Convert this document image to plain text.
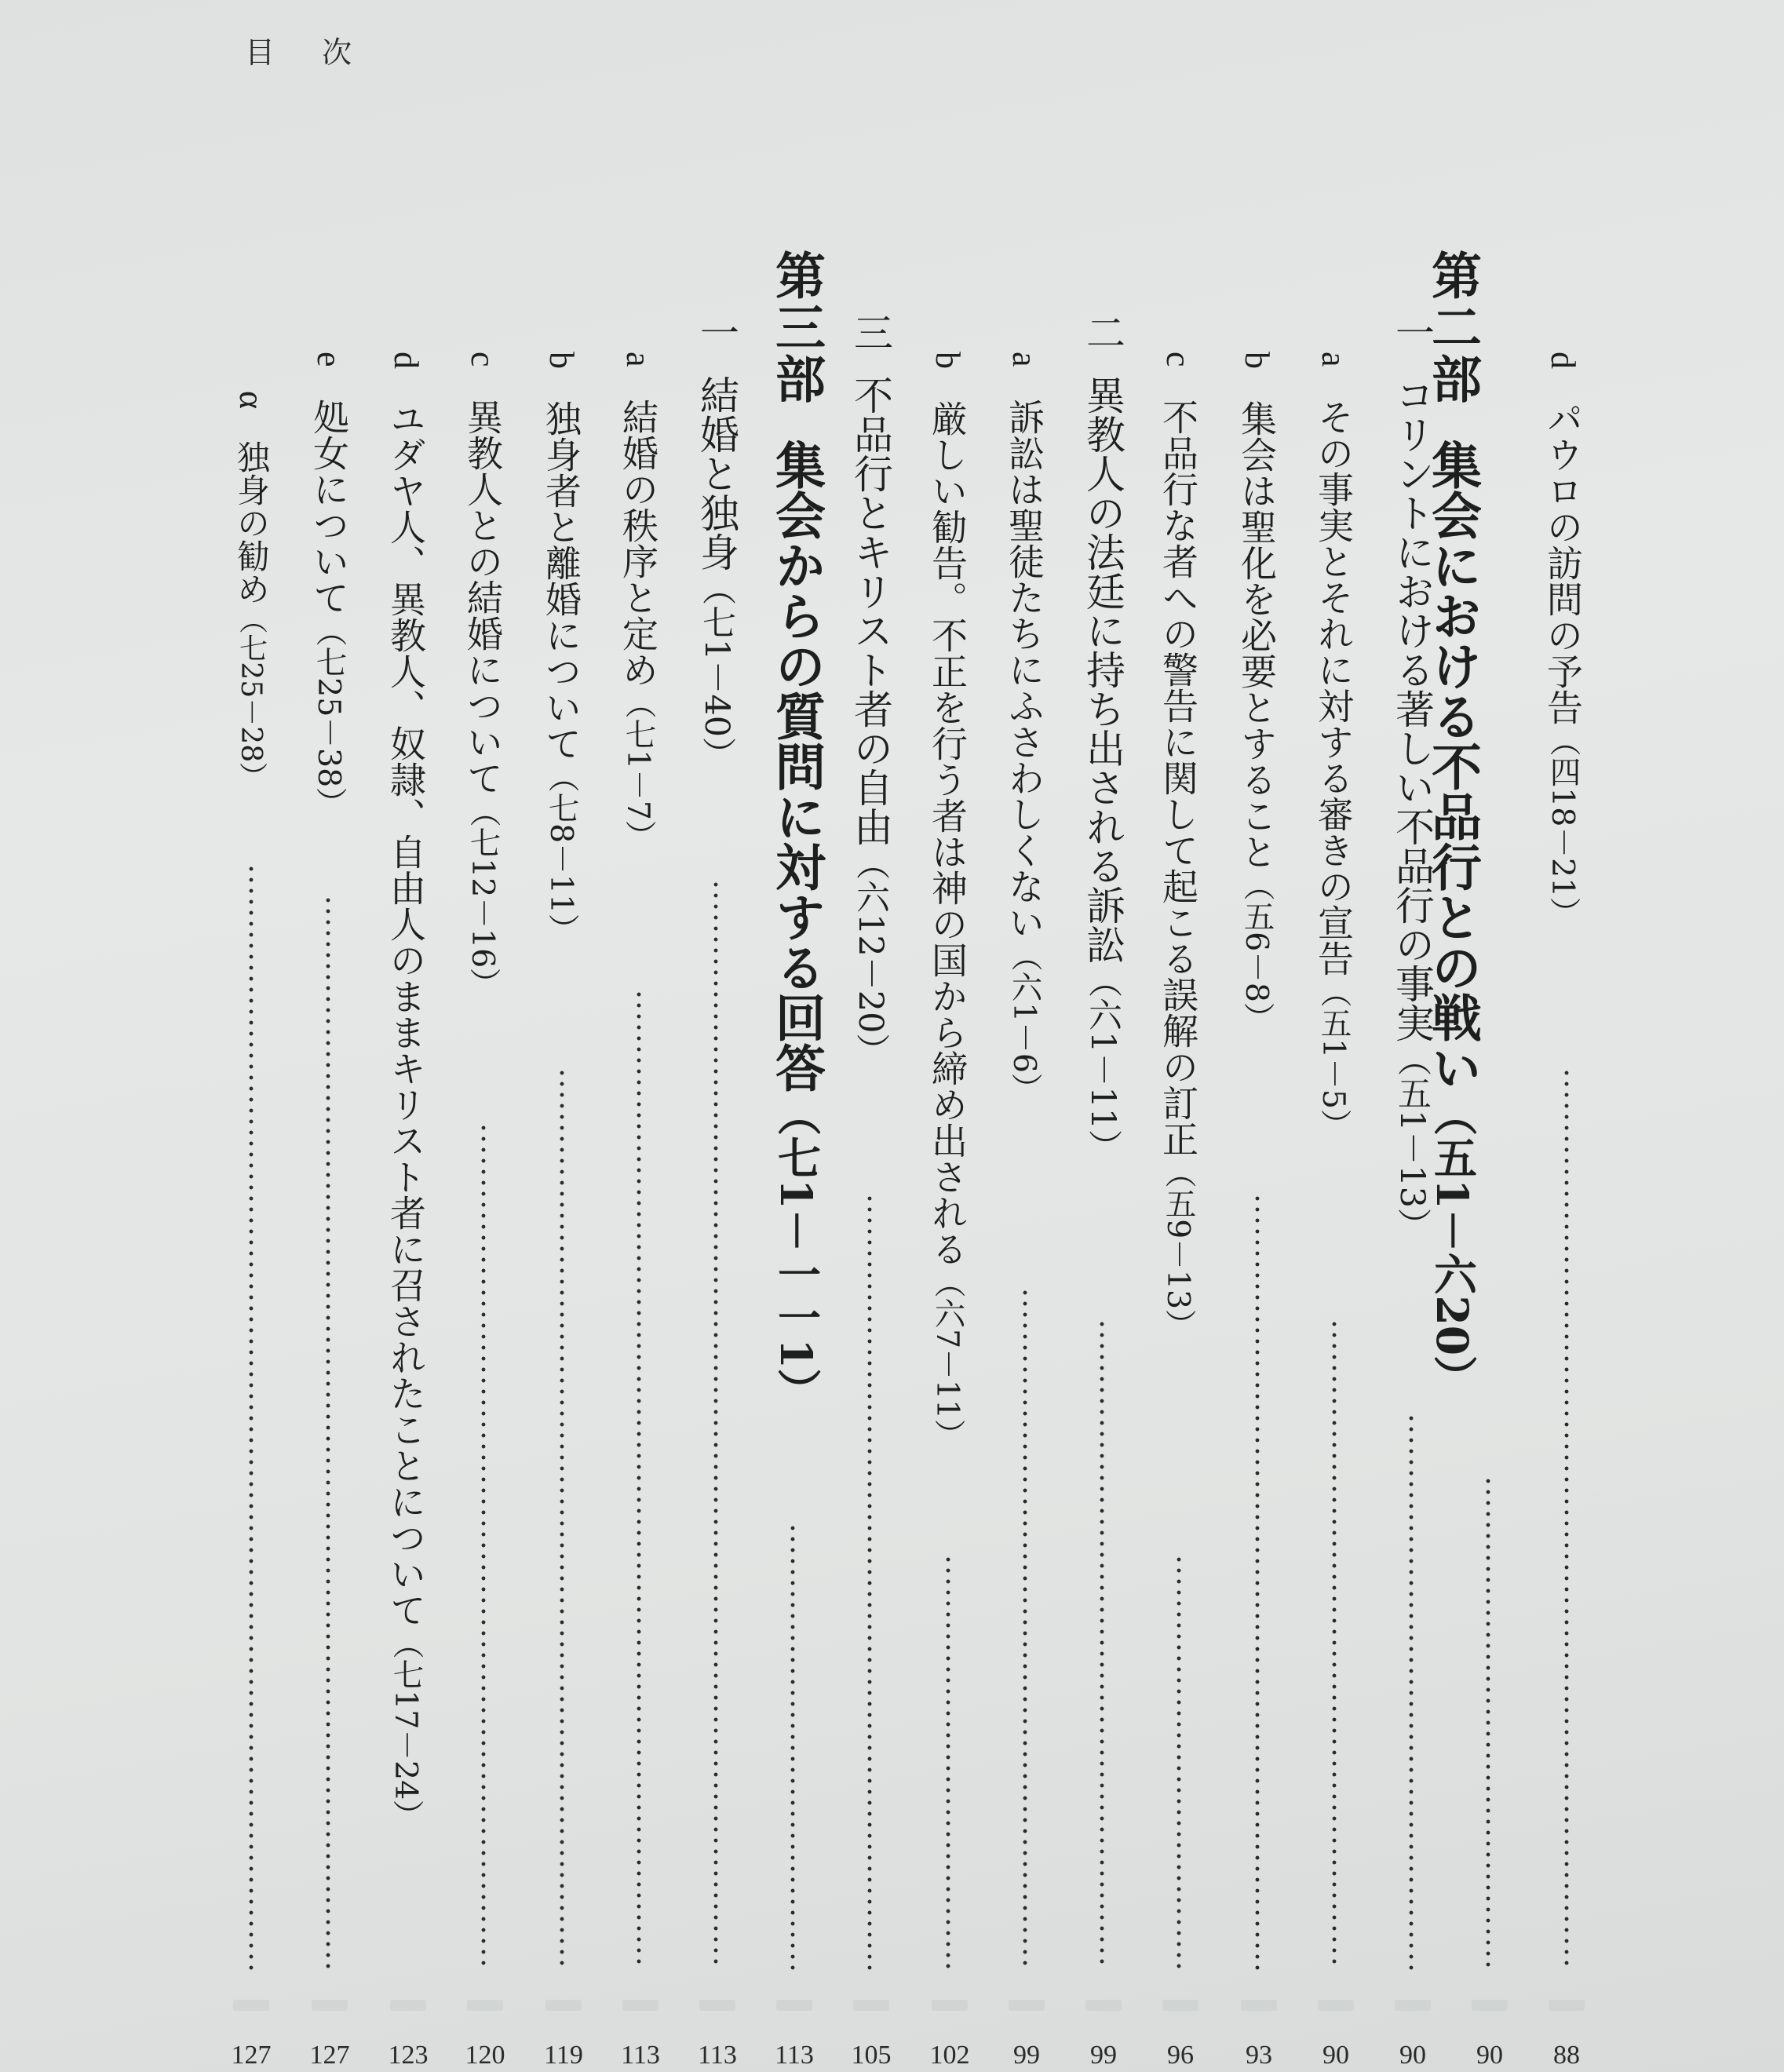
目 次
dパウロの訪問の予告（四18－21）
第二部集会における不品行との戦い（五1－六20）
一コリントにおける著しい不品行の事実（五1－13）
aその事実とそれに対する審きの宣告（五1－5）
b集会は聖化を必要とすること（五6－8）
c不品行な者への警告に関して起こる誤解の訂正（五9－13）
二異教人の法廷に持ち出される訴訟（六1－11）
a訴訟は聖徒たちにふさわしくない（六1－6）
b厳しい勧告。不正を行う者は神の国から締め出される（六7－11）
三不品行とキリスト者の自由（六12－20）
第三部集会からの質問に対する回答（七1－一一1）
一結婚と独身（七1－40）
a結婚の秩序と定め（七1－7）
b独身者と離婚について（七8－11）
c異教人との結婚について（七12－16）
dユダヤ人、異教人、奴隷、自由人のままキリスト者に召されたことについて（七17－24）
e処女について（七25－38）
α独身の勧め（七25－28）
88
90
90
90
93
96
99
99
102
105
113
113
113
119
120
123
127
127
